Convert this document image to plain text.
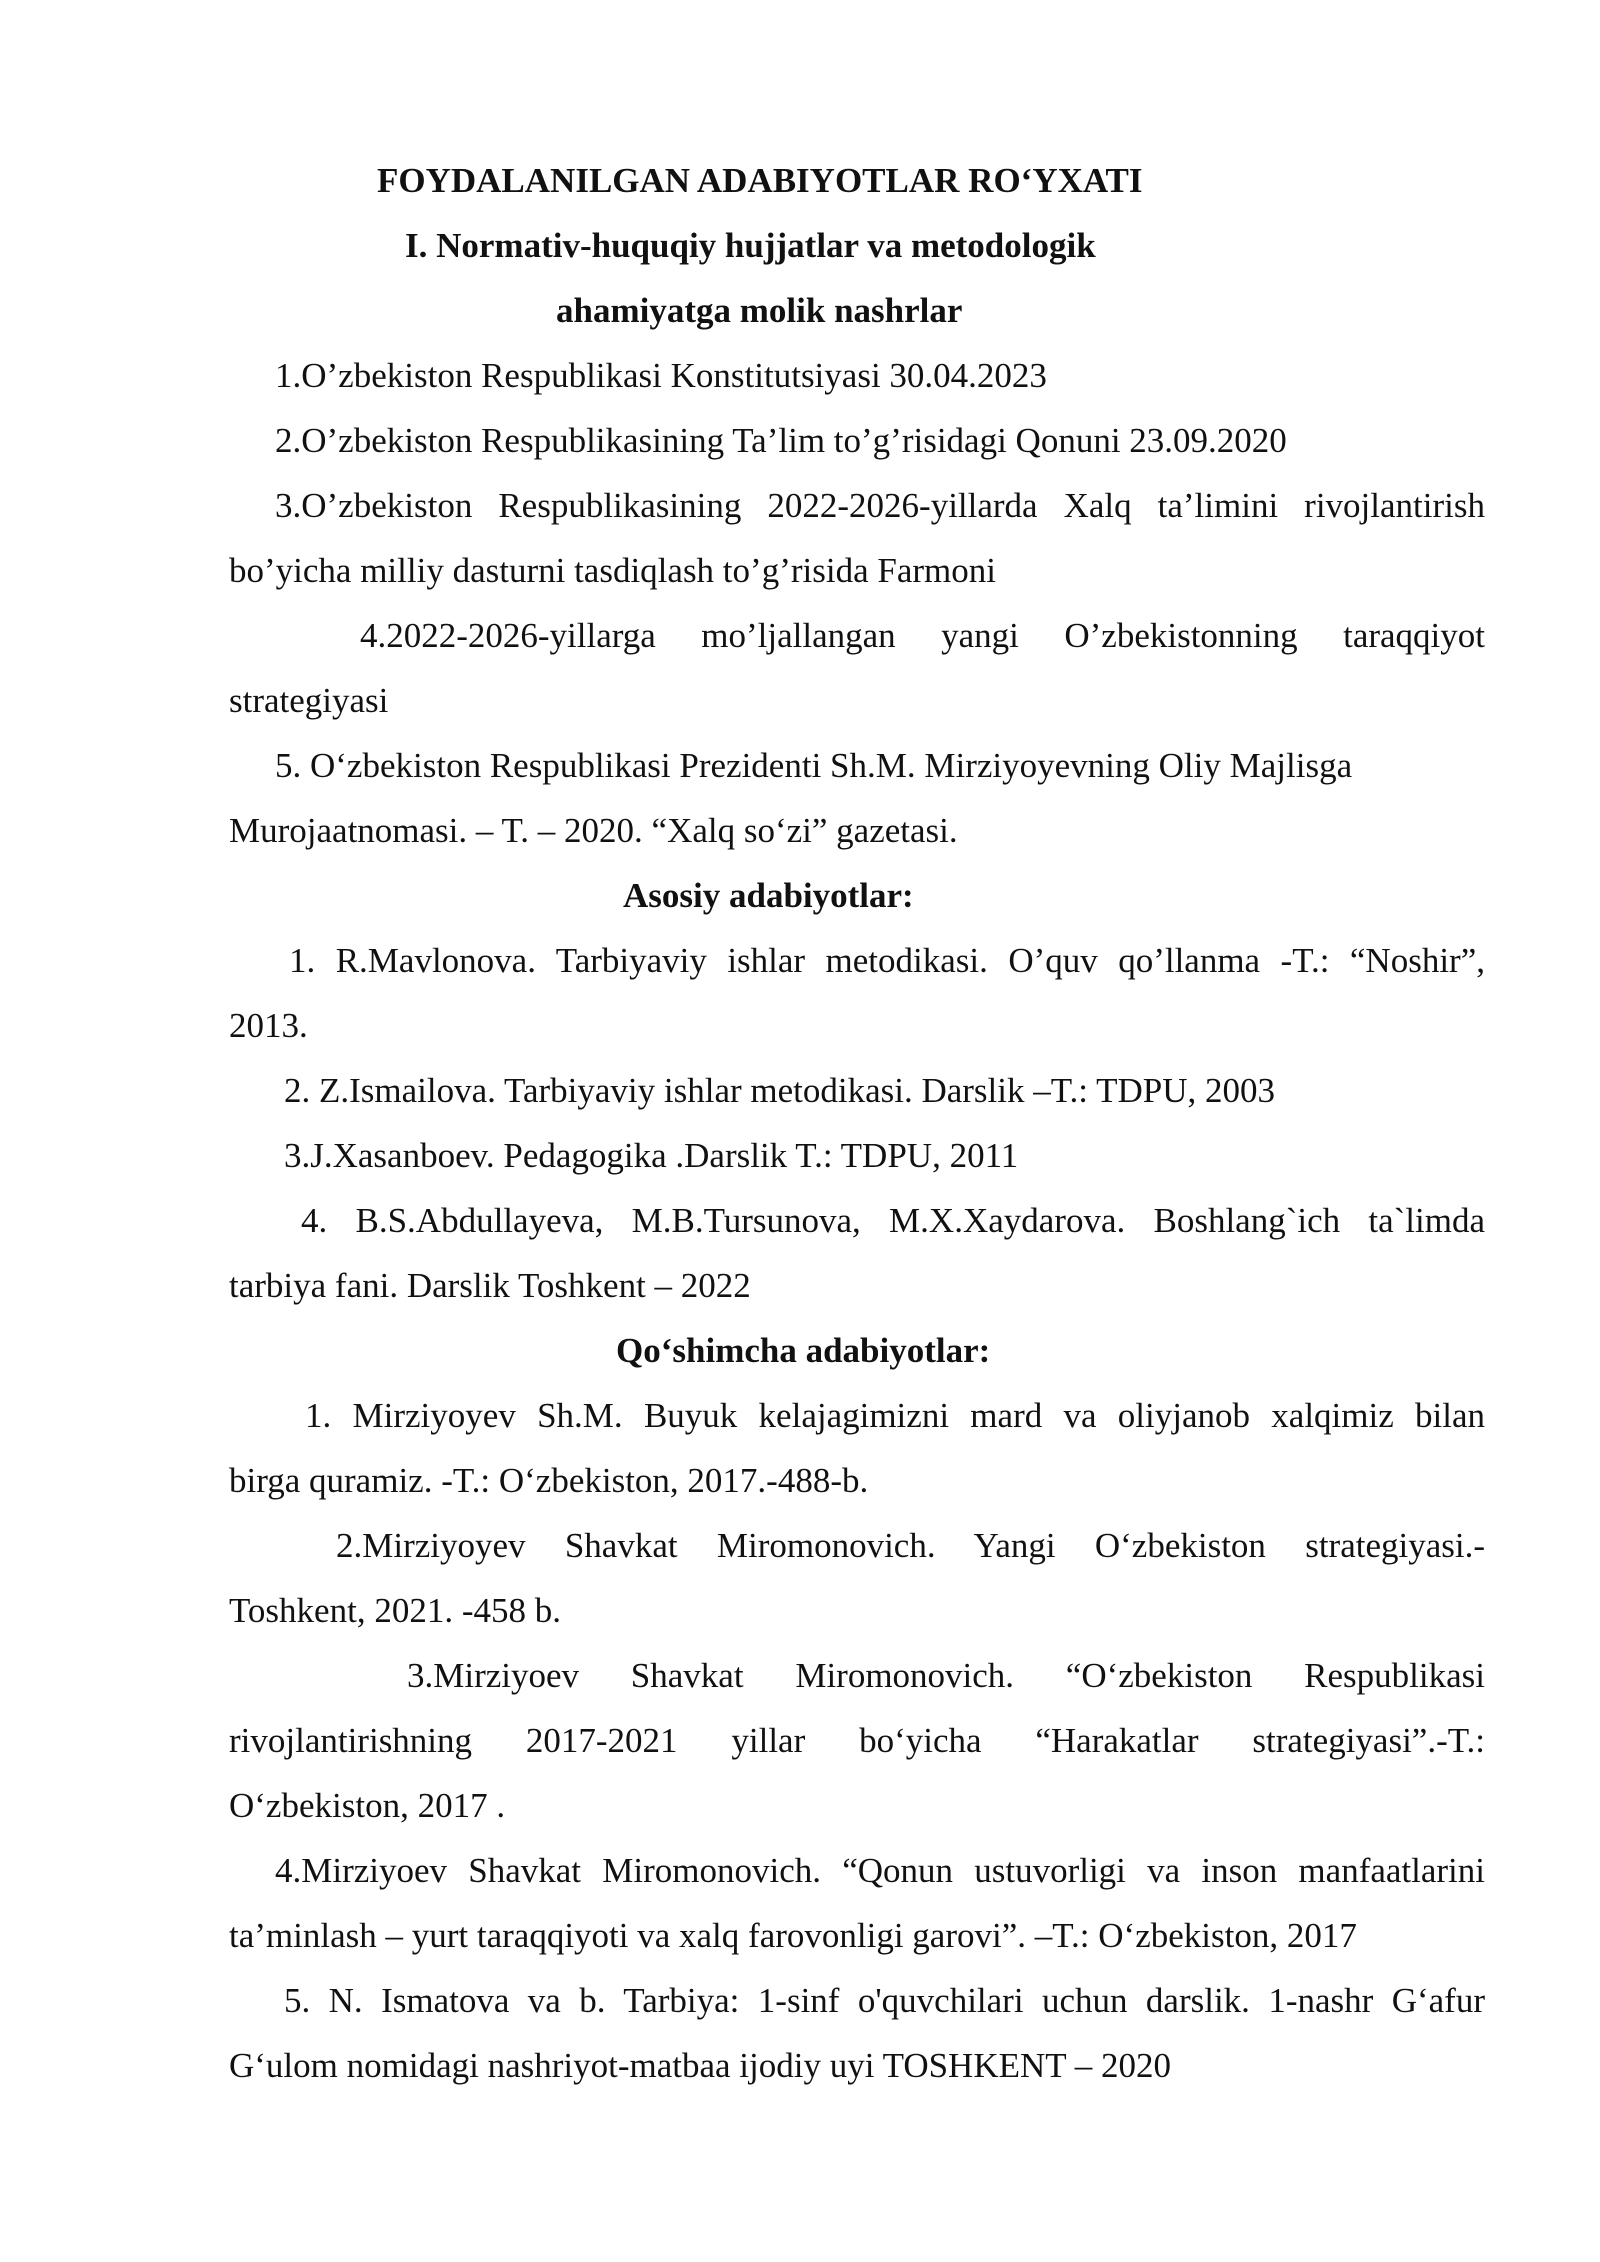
FOYDALANILGAN ADABIYOTLAR RO‘YXATI
I. Normativ-huquqiy hujjatlar va metodologik
ahamiyatga molik nashrlar
1.O’zbekiston Respublikasi Konstitutsiyasi 30.04.2023
2.O’zbekiston Respublikasining Ta’lim to’g’risidagi Qonuni 23.09.2020
3.O’zbekiston Respublikasining 2022-2026-yillarda Xalq ta’limini rivojlantirish
bo’yicha milliy dasturni tasdiqlash to’g’risida Farmoni
4.2022-2026-yillarga mo’ljallangan yangi O’zbekistonning taraqqiyot
strategiyasi
5. O‘zbekiston Respublikasi Prezidenti Sh.M. Mirziyoyevning Oliy Majlisga
Murojaatnomasi. – T. – 2020. “Xalq so‘zi” gazetasi.
Asosiy adabiyotlar:
1. R.Mavlonova. Tarbiyaviy ishlar metodikasi. O’quv qo’llanma -T.: “Noshir”,
2013.
2. Z.Ismailova. Tarbiyaviy ishlar metodikasi. Darslik –T.: TDPU, 2003
3.J.Xasanboev. Pedagogika .Darslik T.: TDPU, 2011
4. B.S.Abdullayeva, M.B.Tursunova, M.X.Xaydarova. Boshlang`ich ta`limda
tarbiya fani. Darslik Toshkent – 2022
Qo‘shimcha adabiyotlar:
1. Mirziyoyev Sh.M. Buyuk kelajagimizni mard va oliyjanob xalqimiz bilan
birga quramiz. -T.: O‘zbekiston, 2017.-488-b.
2.Mirziyoyev Shavkat Miromonovich. Yangi O‘zbekiston strategiyasi.-
Toshkent, 2021. -458 b.
3.Mirziyoev Shavkat Miromonovich. “O‘zbekiston Respublikasi
rivojlantirishning 2017-2021 yillar bo‘yicha “Harakatlar strategiyasi”.-T.:
O‘zbekiston, 2017 .
4.Mirziyoev Shavkat Miromonovich. “Qonun ustuvorligi va inson manfaatlarini
ta’minlash – yurt taraqqiyoti va xalq farovonligi garovi”. –T.: O‘zbekiston, 2017
5. N. Ismatova va b. Tarbiya: 1-sinf o'quvchilari uchun darslik. 1-nashr G‘afur
G‘ulom nomidagi nashriyot-matbaa ijodiy uyi TOSHKENT – 2020
